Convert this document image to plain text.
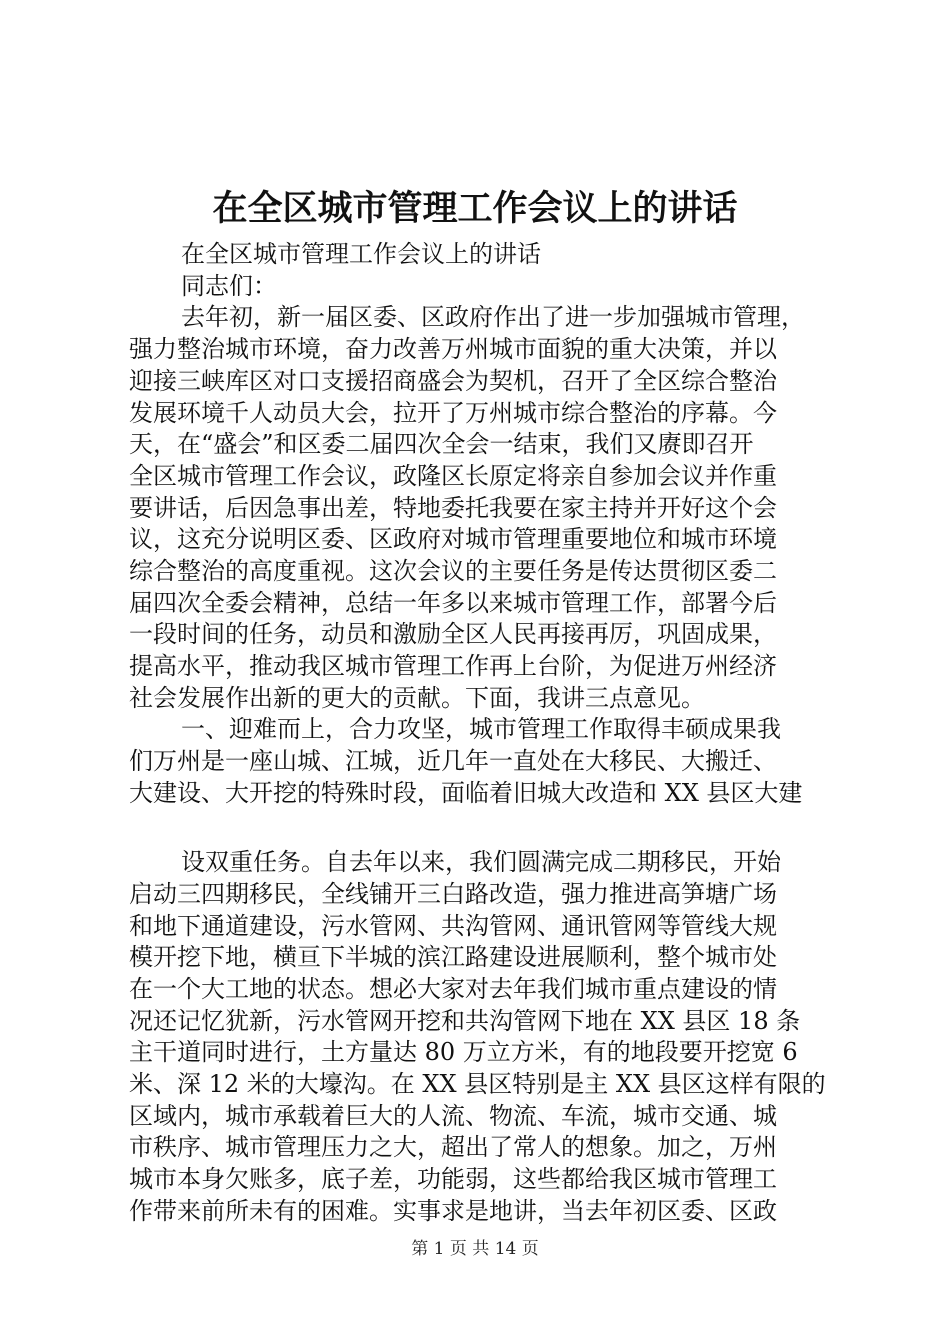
在全区城市管理工作会议上的讲话
在全区城市管理工作会议上的讲话
同志们：
去年初，新一届区委、区政府作出了进一步加强城市管理，
强力整治城市环境，奋力改善万州城市面貌的重大决策，并以
迎接三峡库区对口支援招商盛会为契机，召开了全区综合整治
发展环境千人动员大会，拉开了万州城市综合整治的序幕。今
天，在“盛会”和区委二届四次全会一结束，我们又赓即召开
全区城市管理工作会议，政隆区长原定将亲自参加会议并作重
要讲话，后因急事出差，特地委托我要在家主持并开好这个会
议，这充分说明区委、区政府对城市管理重要地位和城市环境
综合整治的高度重视。这次会议的主要任务是传达贯彻区委二
届四次全委会精神，总结一年多以来城市管理工作，部署今后
一段时间的任务，动员和激励全区人民再接再厉，巩固成果，
提高水平，推动我区城市管理工作再上台阶，为促进万州经济
社会发展作出新的更大的贡献。下面，我讲三点意见。
一、迎难而上，合力攻坚，城市管理工作取得丰硕成果我
们万州是一座山城、江城，近几年一直处在大移民、大搬迁、
大建设、大开挖的特殊时段，面临着旧城大改造和 XX 县区大建
设双重任务。自去年以来，我们圆满完成二期移民，开始
启动三四期移民，全线铺开三白路改造，强力推进高笋塘广场
和地下通道建设，污水管网、共沟管网、通讯管网等管线大规
模开挖下地，横亘下半城的滨江路建设进展顺利，整个城市处
在一个大工地的状态。想必大家对去年我们城市重点建设的情
况还记忆犹新，污水管网开挖和共沟管网下地在 XX 县区 18 条
主干道同时进行，土方量达 80 万立方米，有的地段要开挖宽 6
米、深 12 米的大壕沟。在 XX 县区特别是主 XX 县区这样有限的
区域内，城市承载着巨大的人流、物流、车流，城市交通、城
市秩序、城市管理压力之大，超出了常人的想象。加之，万州
城市本身欠账多，底子差，功能弱，这些都给我区城市管理工
作带来前所未有的困难。实事求是地讲，当去年初区委、区政
第 1 页 共 14 页
